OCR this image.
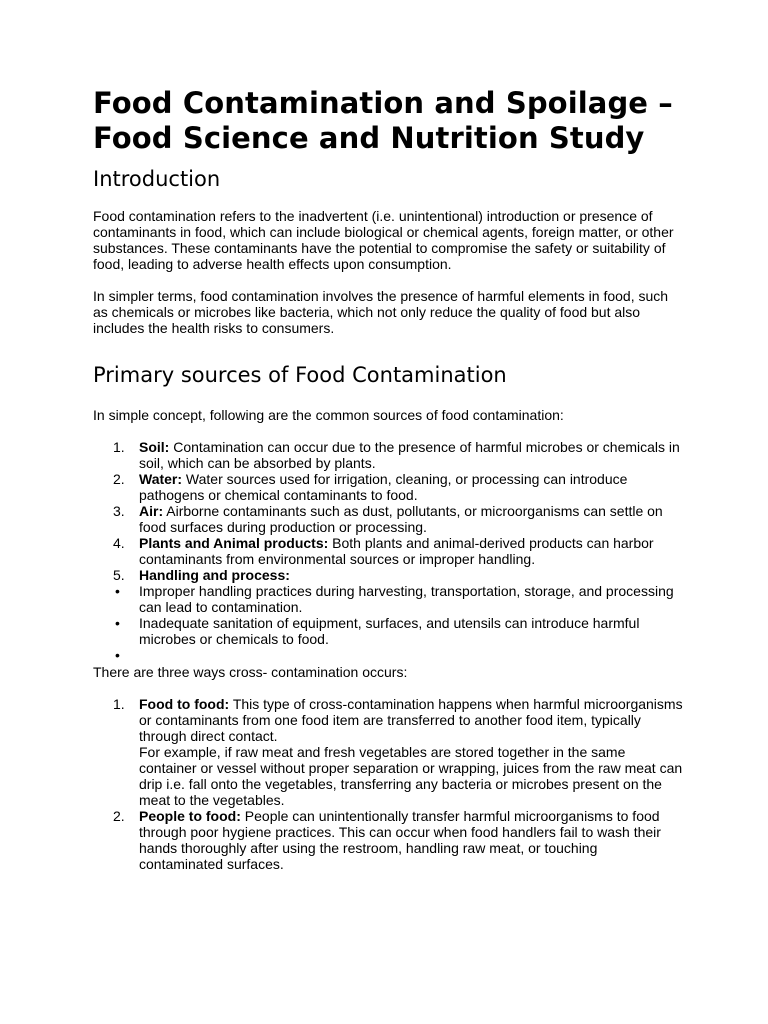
Food Contamination and Spoilage – Food Science and Nutrition Study
Introduction

Food contamination refers to the inadvertent (i.e. unintentional) introduction or presence of contaminants in food, which can include biological or chemical agents, foreign matter, or other substances. These contaminants have the potential to compromise the safety or suitability of food, leading to adverse health effects upon consumption.

In simpler terms, food contamination involves the presence of harmful elements in food, such as chemicals or microbes like bacteria, which not only reduce the quality of food but also includes the health risks to consumers.

Primary sources of Food Contamination

In simple concept, following are the common sources of food contamination:

1. Soil: Contamination can occur due to the presence of harmful microbes or chemicals in soil, which can be absorbed by plants.
2. Water: Water sources used for irrigation, cleaning, or processing can introduce pathogens or chemical contaminants to food.
3. Air: Airborne contaminants such as dust, pollutants, or microorganisms can settle on food surfaces during production or processing.
4. Plants and Animal products: Both plants and animal-derived products can harbor contaminants from environmental sources or improper handling.
5. Handling and process:
• Improper handling practices during harvesting, transportation, storage, and processing can lead to contamination.
• Inadequate sanitation of equipment, surfaces, and utensils can introduce harmful microbes or chemicals to food.
•

There are three ways cross- contamination occurs:

1. Food to food: This type of cross-contamination happens when harmful microorganisms or contaminants from one food item are transferred to another food item, typically through direct contact.
For example, if raw meat and fresh vegetables are stored together in the same container or vessel without proper separation or wrapping, juices from the raw meat can drip i.e. fall onto the vegetables, transferring any bacteria or microbes present on the meat to the vegetables.
2. People to food: People can unintentionally transfer harmful microorganisms to food through poor hygiene practices. This can occur when food handlers fail to wash their hands thoroughly after using the restroom, handling raw meat, or touching contaminated surfaces.
